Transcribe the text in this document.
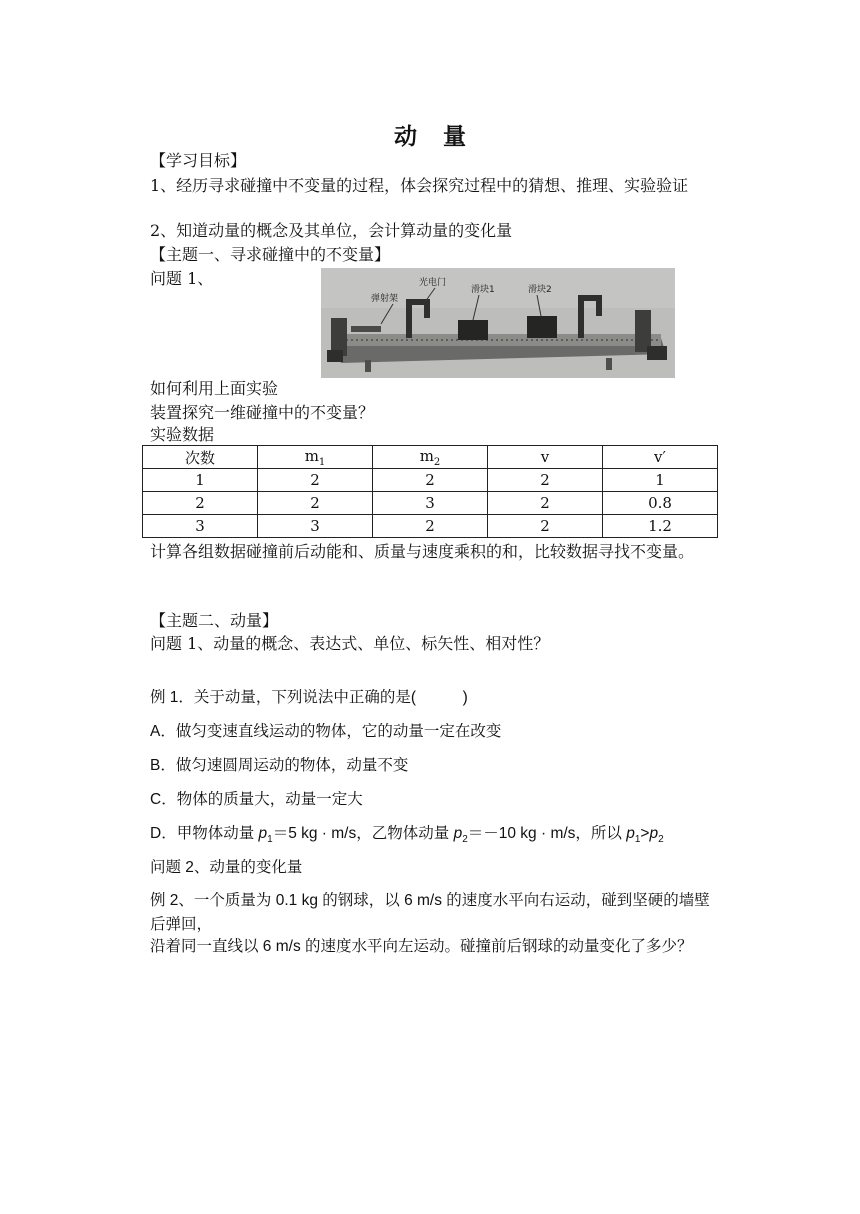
动 量
【学习目标】
1、经历寻求碰撞中不变量的过程，体会探究过程中的猜想、推理、实验验证
2、知道动量的概念及其单位，会计算动量的变化量
【主题一、寻求碰撞中的不变量】
问题 1、
弹射架
光电门
滑块1	滑块2
如何利用上面实验
装置探究一维碰撞中的不变量？
实验数据
次数	$m_1$	$m_2$	v	v′
1	2	2	2	1
2	2	3	2	0.8
3	3	2	2	1.2
计算各组数据碰撞前后动能和、质量与速度乘积的和，比较数据寻找不变量。
【主题二、动量】
问题 1、动量的概念、表达式、单位、标矢性、相对性？
例 1．关于动量，下列说法中正确的是(　　　)
A．做匀变速直线运动的物体，它的动量一定在改变
B．做匀速圆周运动的物体，动量不变
C．物体的质量大，动量一定大
D．甲物体动量 $p_1=5$ kg · m/s，乙物体动量 $p_2=-10$ kg · m/s，所以 $p_1>p_2$
问题 2、动量的变化量
例 2、一个质量为 0.1 kg 的钢球，以 6 m/s 的速度水平向右运动，碰到坚硬的墙壁后弹回，
沿着同一直线以 6 m/s 的速度水平向左运动。碰撞前后钢球的动量变化了多少？
